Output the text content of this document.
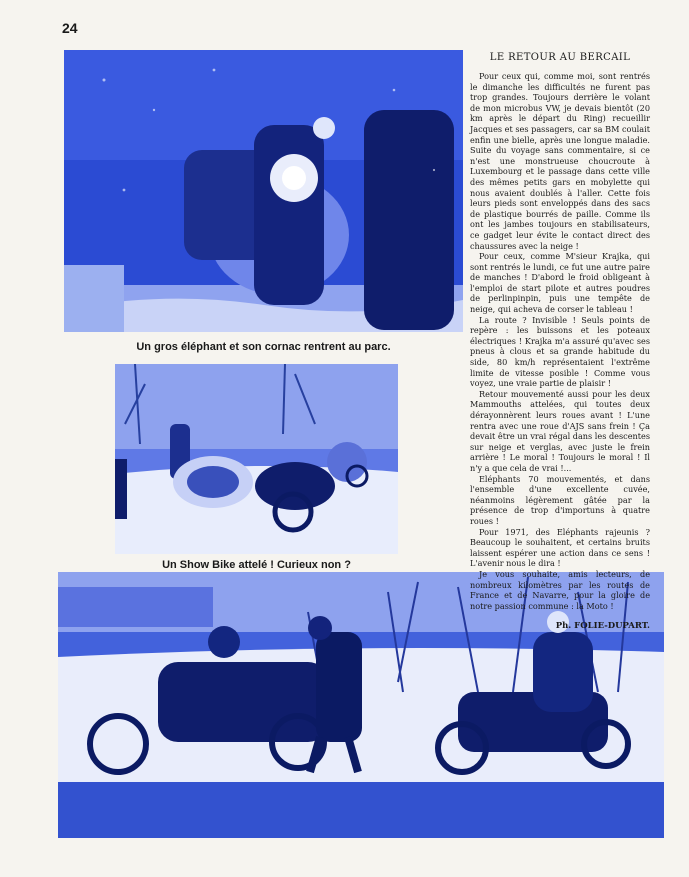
24
Un gros éléphant et son cornac rentrent au parc.
Un Show Bike attelé ! Curieux non ?
LE RETOUR AU BERCAIL

Pour ceux qui, comme moi, sont rentrés le dimanche les difficultés ne furent pas trop grandes. Toujours derrière le volant de mon microbus VW, je devais bientôt (20 km après le départ du Ring) recueillir Jacques et ses passagers, car sa BM coulait enfin une bielle, après une longue maladie. Suite du voyage sans commentaire, si ce n'est une monstrueuse choucroute à Luxembourg et le passage dans cette ville des mêmes petits gars en mobylette qui nous avaient doublés à l'aller. Cette fois leurs pieds sont enveloppés dans des sacs de plastique bourrés de paille. Comme ils ont les jambes toujours en stabilisateurs, ce gadget leur évite le contact direct des chaussures avec la neige !

Pour ceux, comme M'sieur Krajka, qui sont rentrés le lundi, ce fut une autre paire de manches ! D'abord le froid obligeant à l'emploi de start pilote et autres poudres de perlinpinpin, puis une tempête de neige, qui acheva de corser le tableau !

La route ? Invisible ! Seuls points de repère : les buissons et les poteaux électriques ! Krajka m'a assuré qu'avec ses pneus à clous et sa grande habitude du side, 80 km/h représentaient l'extrême limite de vitesse posible ! Comme vous voyez, une vraie partie de plaisir !

Retour mouvementé aussi pour les deux Mammouths attelées, qui toutes deux dérayonnèrent leurs roues avant ! L'une rentra avec une roue d'AJS sans frein ! Ça devait être un vrai régal dans les descentes sur neige et verglas, avec juste le frein arrière ! Le moral ! Toujours le moral ! Il n'y a que cela de vrai !...

Eléphants 70 mouvementés, et dans l'ensemble d'une excellente cuvée, néanmoins légèrement gâtée par la présence de trop d'importuns à quatre roues !

Pour 1971, des Eléphants rajeunis ? Beaucoup le souhaitent, et certains bruits laissent espérer une action dans ce sens ! L'avenir nous le dira !

Je vous souhaite, amis lecteurs, de nombreux kilomètres par les routes de France et de Navarre, pour la gloire de notre passion commune : la Moto !

Ph. FOLIE-DUPART.
